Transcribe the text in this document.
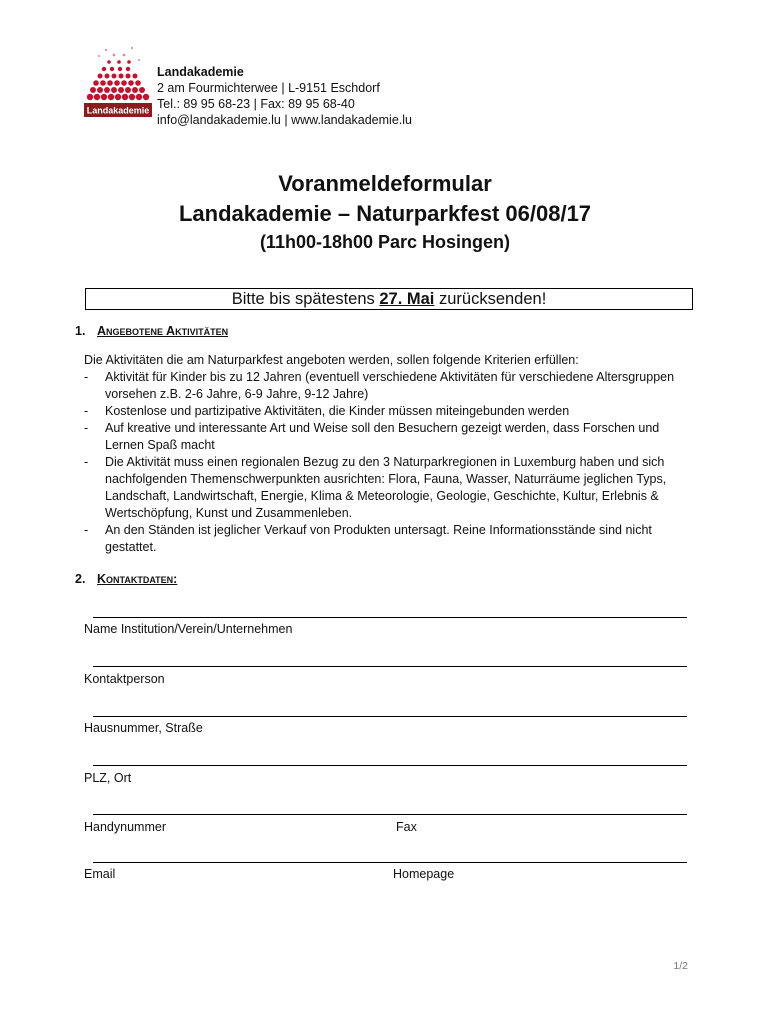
Landakademie
Landakademie
2 am Fourmichterwee | L-9151 Eschdorf
Tel.: 89 95 68-23 | Fax: 89 95 68-40
info@landakademie.lu | www.landakademie.lu
Voranmeldeformular
Landakademie – Naturparkfest 06/08/17
(11h00-18h00 Parc Hosingen)
Bitte bis spätestens 27. Mai zurücksenden!
1. Angebotene Aktivitäten
Die Aktivitäten die am Naturparkfest angeboten werden, sollen folgende Kriterien erfüllen:
- Aktivität für Kinder bis zu 12 Jahren (eventuell verschiedene Aktivitäten für verschiedene Altersgruppen vorsehen z.B. 2-6 Jahre, 6-9 Jahre, 9-12 Jahre)
- Kostenlose und partizipative Aktivitäten, die Kinder müssen miteingebunden werden
- Auf kreative und interessante Art und Weise soll den Besuchern gezeigt werden, dass Forschen und Lernen Spaß macht
- Die Aktivität muss einen regionalen Bezug zu den 3 Naturparkregionen in Luxemburg haben und sich nachfolgenden Themenschwerpunkten ausrichten: Flora, Fauna, Wasser, Naturräume jeglichen Typs, Landschaft, Landwirtschaft, Energie, Klima & Meteorologie, Geologie, Geschichte, Kultur, Erlebnis & Wertschöpfung, Kunst und Zusammenleben.
- An den Ständen ist jeglicher Verkauf von Produkten untersagt. Reine Informationsstände sind nicht gestattet.
2. Kontaktdaten:
Name Institution/Verein/Unternehmen
Kontaktperson
Hausnummer, Straße
PLZ, Ort
Handynummer	Fax
Email	Homepage
1/2
